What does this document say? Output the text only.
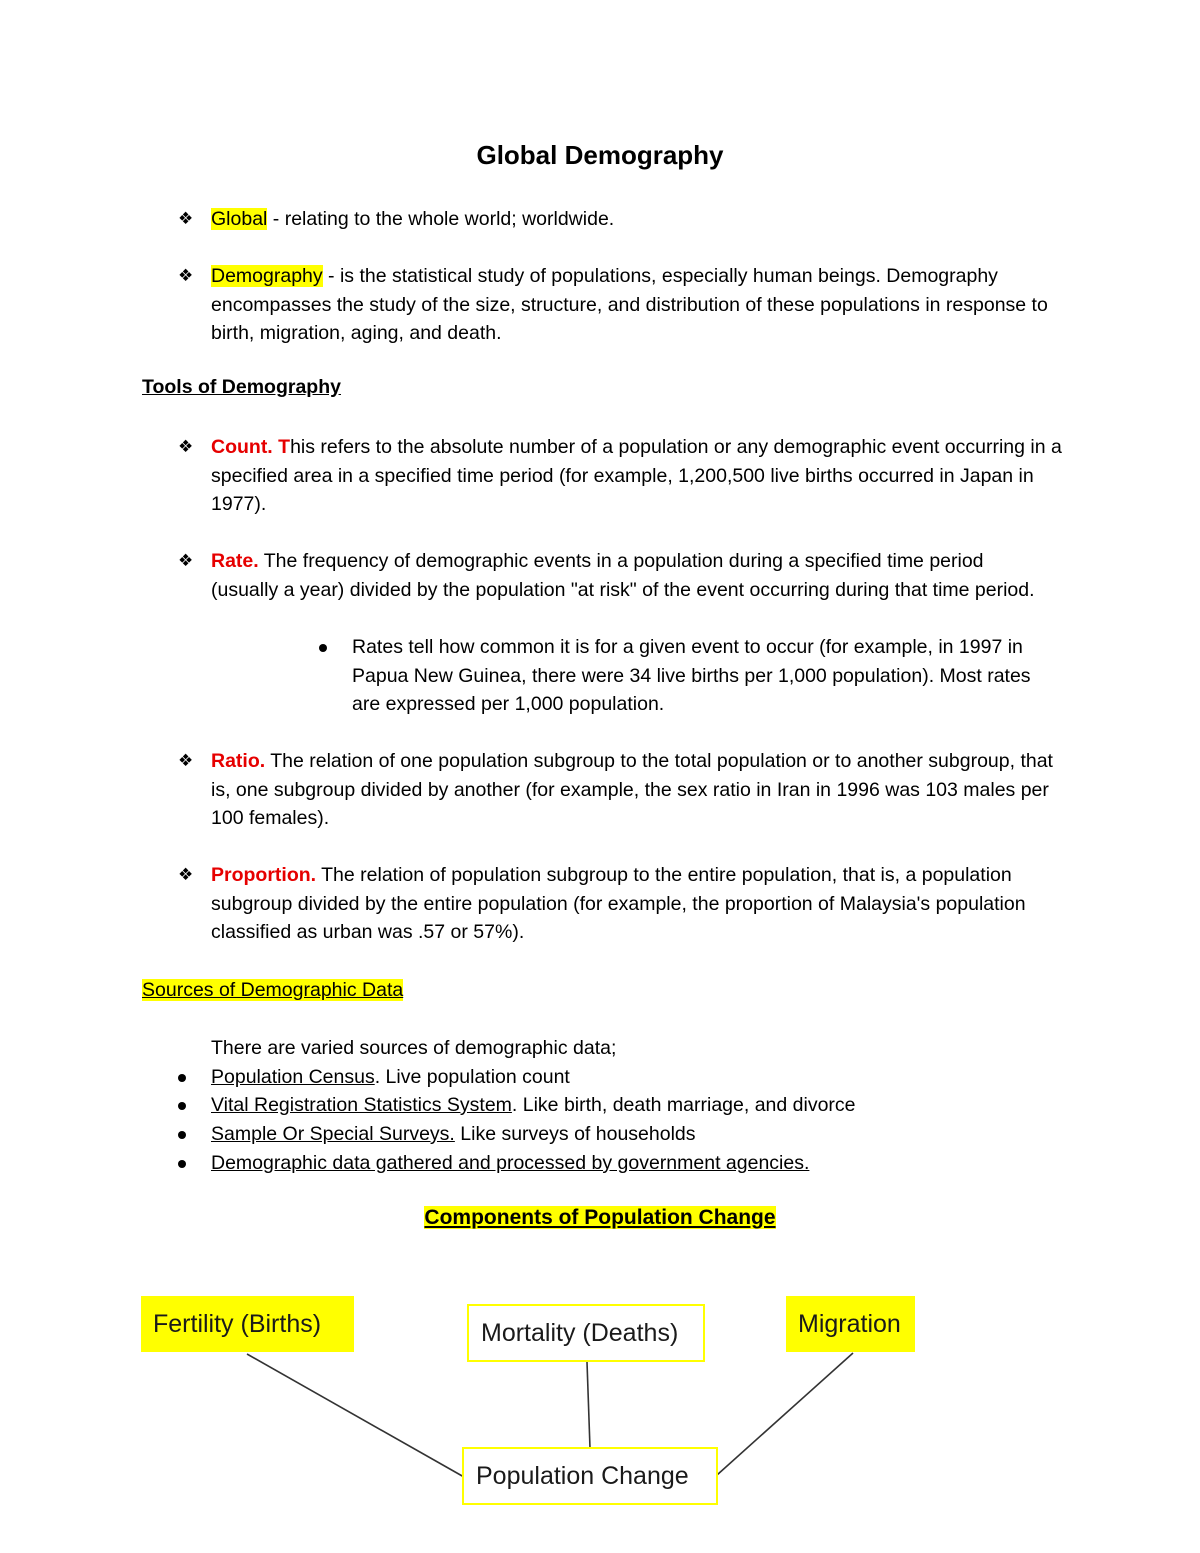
Global Demography
❖ Global - relating to the whole world; worldwide.
❖ Demography - is the statistical study of populations, especially human beings. Demography encompasses the study of the size, structure, and distribution of these populations in response to birth, migration, aging, and death.
Tools of Demography
❖ Count. This refers to the absolute number of a population or any demographic event occurring in a specified area in a specified time period (for example, 1,200,500 live births occurred in Japan in 1977).
❖ Rate. The frequency of demographic events in a population during a specified time period (usually a year) divided by the population "at risk" of the event occurring during that time period.
Rates tell how common it is for a given event to occur (for example, in 1997 in Papua New Guinea, there were 34 live births per 1,000 population). Most rates are expressed per 1,000 population.
❖ Ratio. The relation of one population subgroup to the total population or to another subgroup, that is, one subgroup divided by another (for example, the sex ratio in Iran in 1996 was 103 males per 100 females).
❖ Proportion. The relation of population subgroup to the entire population, that is, a population subgroup divided by the entire population (for example, the proportion of Malaysia's population classified as urban was .57 or 57%).
Sources of Demographic Data
There are varied sources of demographic data;
Population Census. Live population count
Vital Registration Statistics System. Like birth, death marriage, and divorce
Sample Or Special Surveys. Like surveys of households
Demographic data gathered and processed by government agencies.
Components of Population Change
Fertility (Births)	Mortality (Deaths)	Migration
Population Change
